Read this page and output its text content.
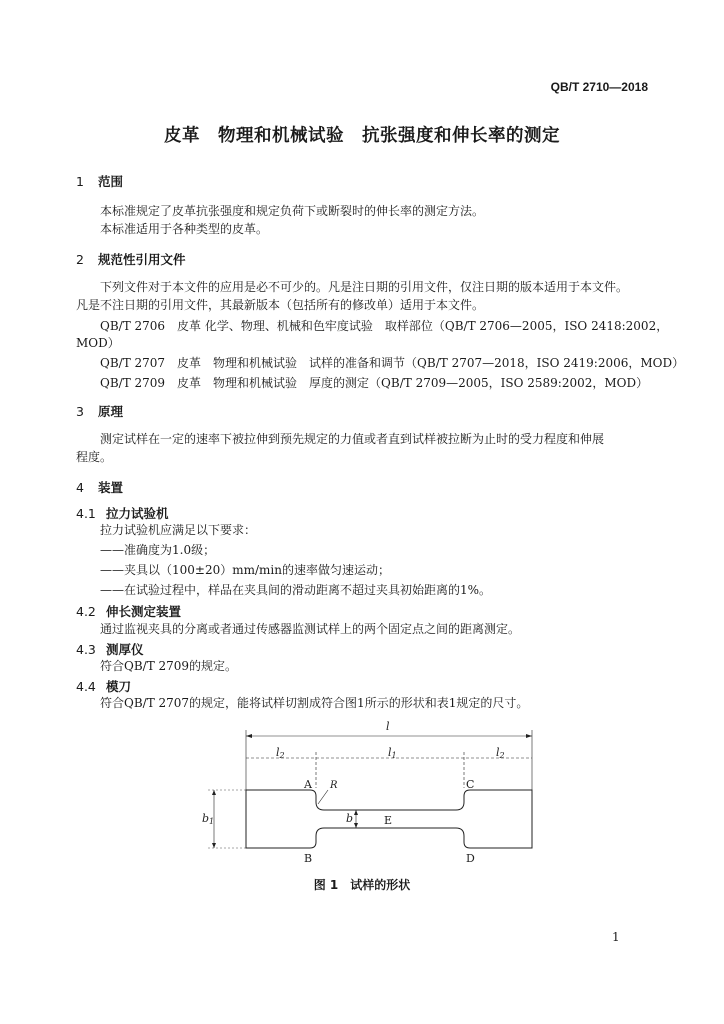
QB/T 2710—2018
皮革　物理和机械试验　抗张强度和伸长率的测定
1 范围
本标准规定了皮革抗张强度和规定负荷下或断裂时的伸长率的测定方法。
本标准适用于各种类型的皮革。
2 规范性引用文件
下列文件对于本文件的应用是必不可少的。凡是注日期的引用文件，仅注日期的版本适用于本文件。
凡是不注日期的引用文件，其最新版本（包括所有的修改单）适用于本文件。
QB/T 2706　皮革 化学、物理、机械和色牢度试验　取样部位（QB/T 2706—2005，ISO 2418:2002，
MOD）
QB/T 2707　皮革　物理和机械试验　试样的准备和调节（QB/T 2707—2018，ISO 2419:2006，MOD）
QB/T 2709　皮革　物理和机械试验　厚度的测定（QB/T 2709—2005，ISO 2589:2002，MOD）
3 原理
测定试样在一定的速率下被拉伸到预先规定的力值或者直到试样被拉断为止时的受力程度和伸展
程度。
4 装置
4.1 拉力试验机
拉力试验机应满足以下要求：
——准确度为1.0级；
——夹具以（100±20）mm/min的速率做匀速运动；
——在试验过程中，样品在夹具间的滑动距离不超过夹具初始距离的1%。
4.2 伸长测定装置
通过监视夹具的分离或者通过传感器监测试样上的两个固定点之间的距离测定。
4.3 测厚仪
符合QB/T 2709的规定。
4.4 模刀
符合QB/T 2707的规定，能将试样切割成符合图1所示的形状和表1规定的尺寸。
l
l1
l2	l2
b1	b
R
A
B
C
D
E
图 1　试样的形状
1
